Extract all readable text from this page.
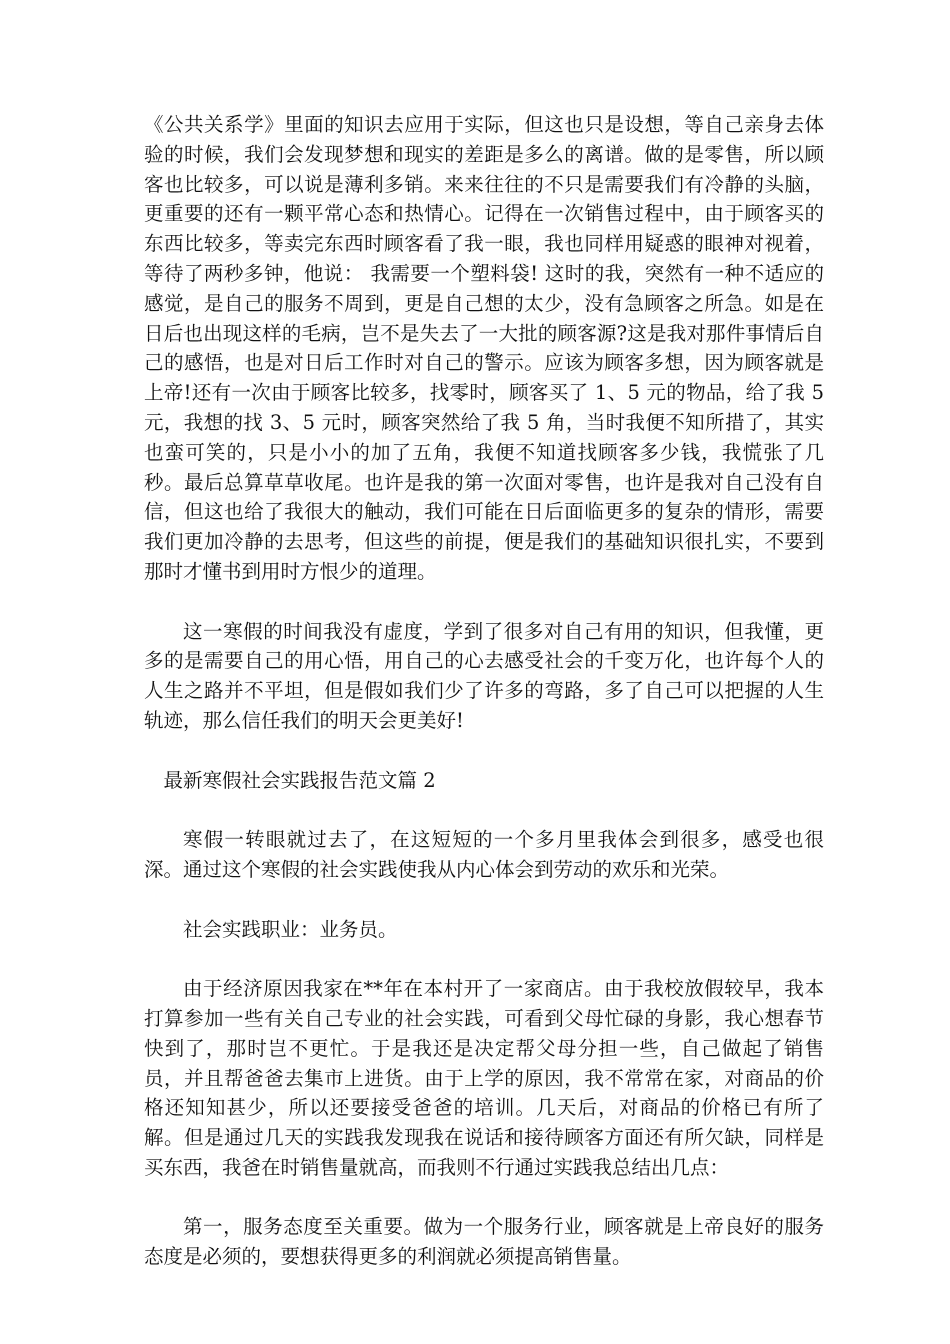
《公共关系学》里面的知识去应用于实际，但这也只是设想，等自己亲身去体验的时候，我们会发现梦想和现实的差距是多么的离谱。做的是零售，所以顾客也比较多，可以说是薄利多销。来来往往的不只是需要我们有冷静的头脑，更重要的还有一颗平常心态和热情心。记得在一次销售过程中，由于顾客买的东西比较多，等卖完东西时顾客看了我一眼，我也同样用疑惑的眼神对视着，等待了两秒多钟，他说： 我需要一个塑料袋! 这时的我，突然有一种不适应的感觉，是自己的服务不周到，更是自己想的太少，没有急顾客之所急。如是在日后也出现这样的毛病，岂不是失去了一大批的顾客源?这是我对那件事情后自己的感悟，也是对日后工作时对自己的警示。应该为顾客多想，因为顾客就是上帝!还有一次由于顾客比较多，找零时，顾客买了 1、5 元的物品，给了我 5 元，我想的找 3、5 元时，顾客突然给了我 5 角，当时我便不知所措了，其实也蛮可笑的，只是小小的加了五角，我便不知道找顾客多少钱，我慌张了几秒。最后总算草草收尾。也许是我的第一次面对零售，也许是我对自己没有自信，但这也给了我很大的触动，我们可能在日后面临更多的复杂的情形，需要我们更加冷静的去思考，但这些的前提，便是我们的基础知识很扎实，不要到那时才懂书到用时方恨少的道理。

这一寒假的时间我没有虚度，学到了很多对自己有用的知识，但我懂，更多的是需要自己的用心悟，用自己的心去感受社会的千变万化，也许每个人的人生之路并不平坦，但是假如我们少了许多的弯路，多了自己可以把握的人生轨迹，那么信任我们的明天会更美好!

最新寒假社会实践报告范文篇 2

寒假一转眼就过去了，在这短短的一个多月里我体会到很多，感受也很深。通过这个寒假的社会实践使我从内心体会到劳动的欢乐和光荣。

社会实践职业：业务员。

由于经济原因我家在**年在本村开了一家商店。由于我校放假较早，我本打算参加一些有关自己专业的社会实践，可看到父母忙碌的身影，我心想春节快到了，那时岂不更忙。于是我还是决定帮父母分担一些，自己做起了销售员，并且帮爸爸去集市上进货。由于上学的原因，我不常常在家，对商品的价格还知知甚少，所以还要接受爸爸的培训。几天后，对商品的价格已有所了解。但是通过几天的实践我发现我在说话和接待顾客方面还有所欠缺，同样是买东西，我爸在时销售量就高，而我则不行通过实践我总结出几点：

第一，服务态度至关重要。做为一个服务行业，顾客就是上帝良好的服务态度是必须的，要想获得更多的利润就必须提高销售量。
